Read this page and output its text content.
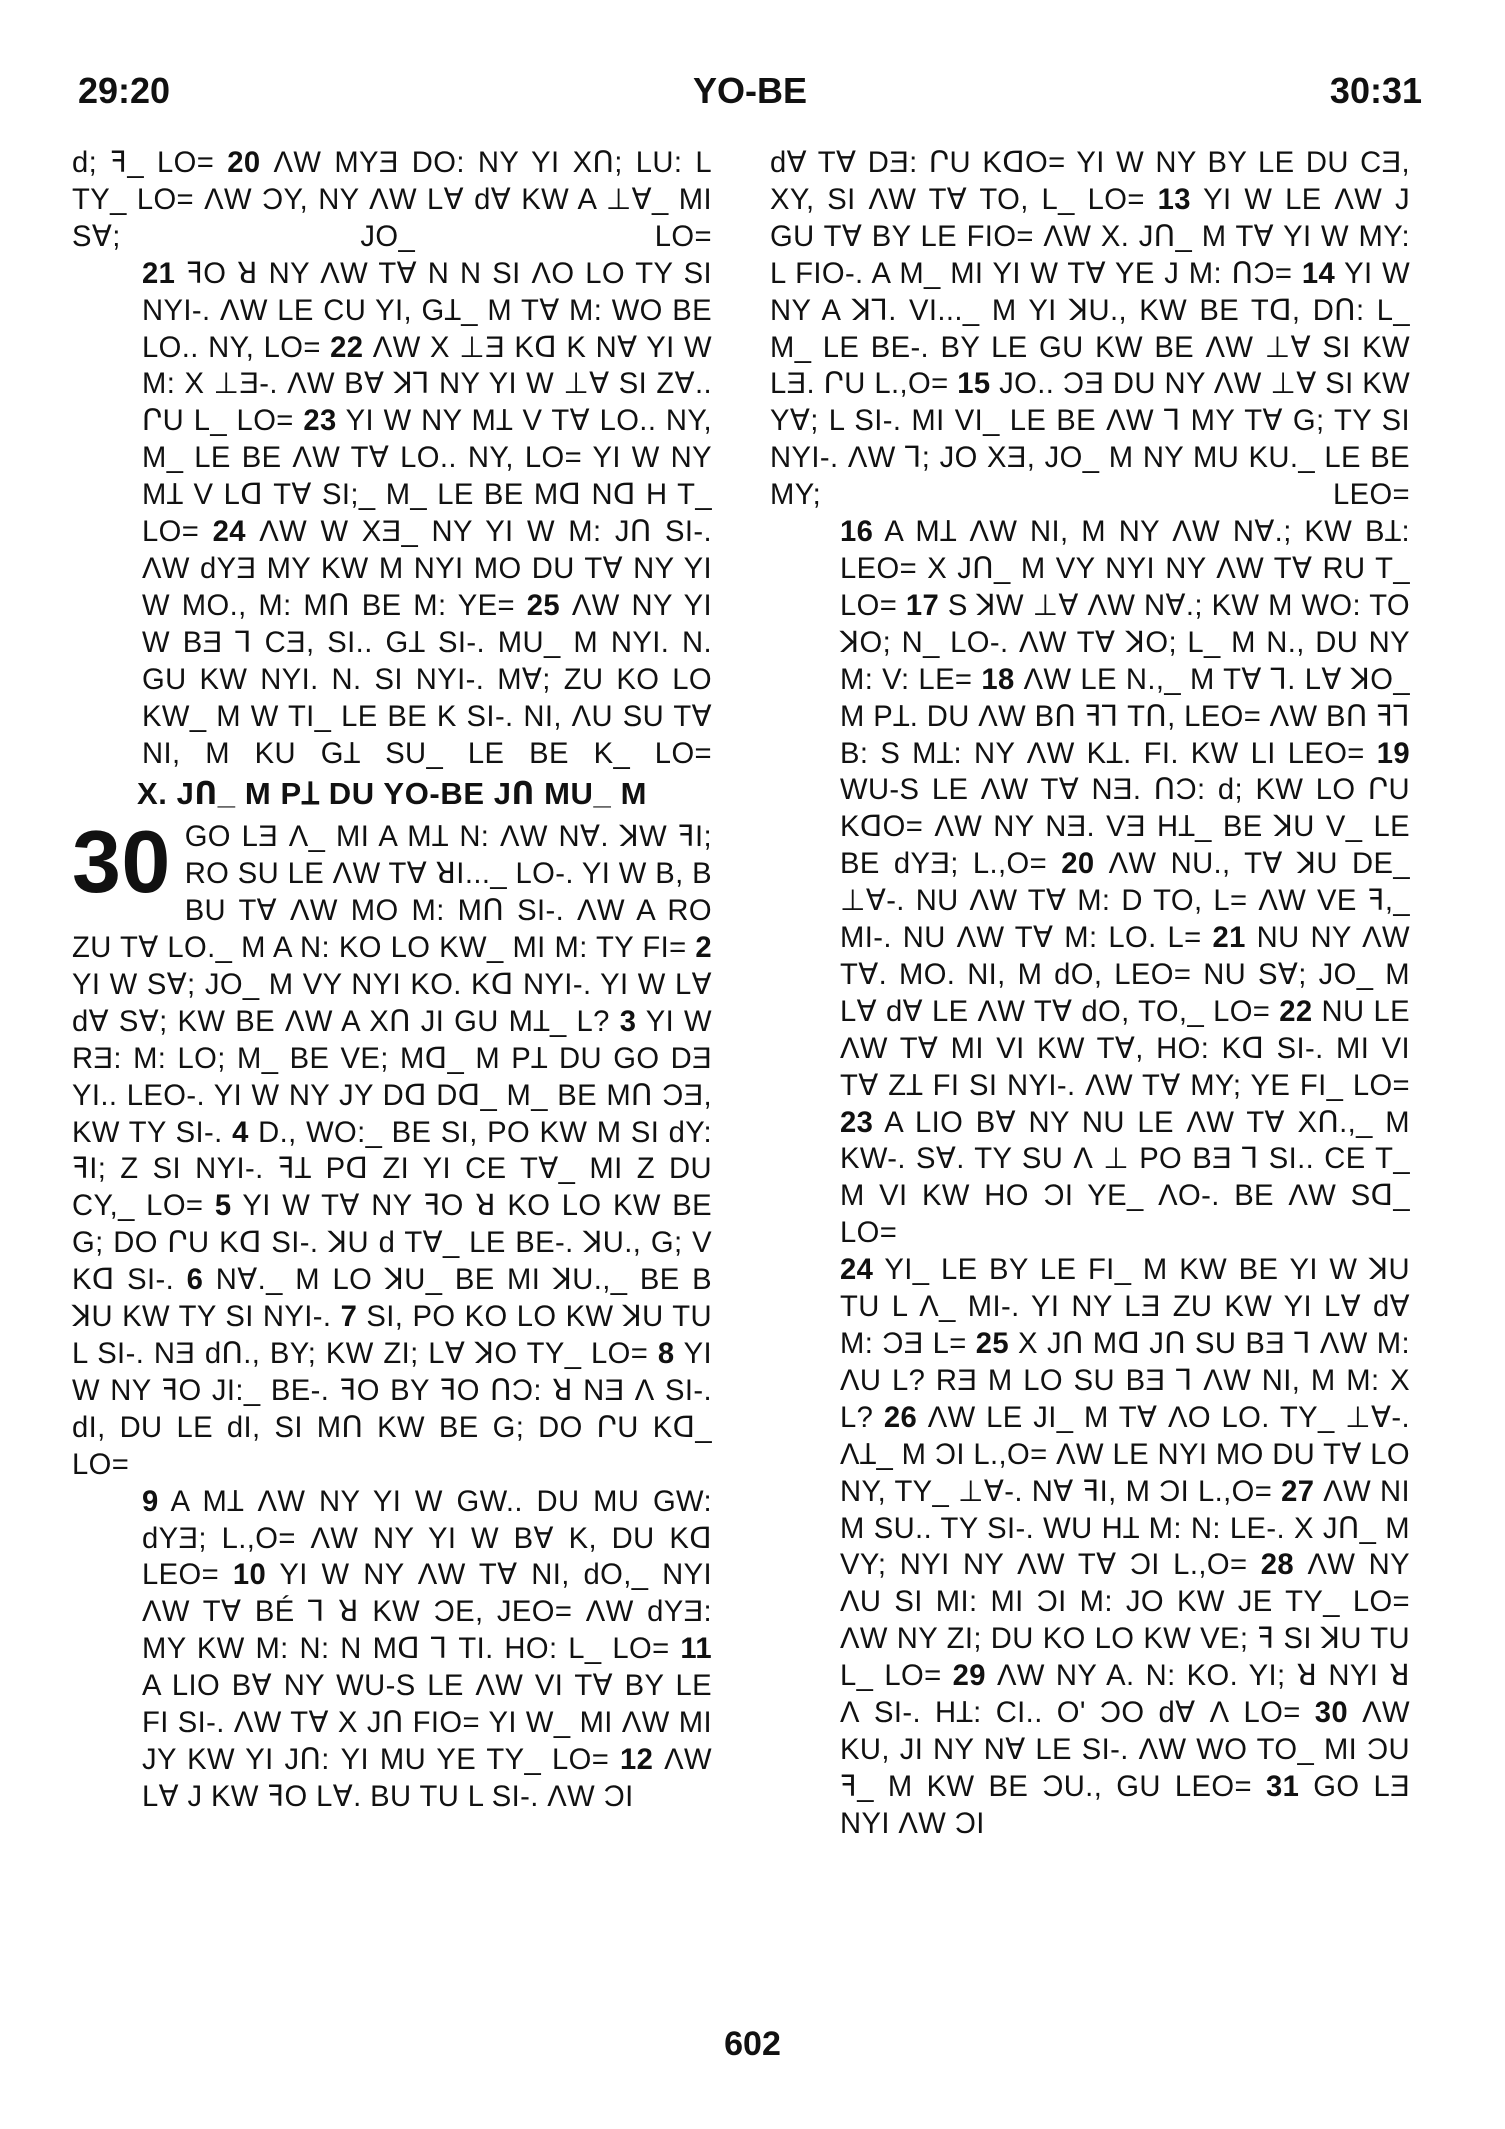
29:20	YO-BE	30:31

d; ꟻ_ LO= 20 ɅW MYƎ DO: NY YI XՈ; LU: L TY_ LO= ɅW ƆY, NY ɅW LⱯ dⱯ KW A ⊥Ɐ_ MI SⱯ; JO_ LO=

21 ꟻO ꓤ NY ɅW TⱯ N N SI ɅO LO TY SI NYI-. ɅW LE CU YI, GꞱ_ M TⱯ M: WO BE LO.. NY, LO= 22 ɅW X ⊥Ǝ Kꓷ K NⱯ YI W M: X ⊥Ǝ-. ɅW BⱯ ꓘꓶ NY YI W ⊥Ɐ SI ZⱯ.. ՐU L_ LO= 23 YI W NY MꞱ V TⱯ LO.. NY, M_ LE BE ɅW TⱯ LO.. NY, LO= YI W NY MꞱ V Lꓷ TⱯ SI;_ M_ LE BE Mꓷ Nꓷ H T_ LO= 24 ɅW W XƎ_ NY YI W M: JՈ SI-. ɅW dYƎ MY KW M NYI MO DU TⱯ NY YI W MO., M: MՈ BE M: YE= 25 ɅW NY YI W BƎ ꓶ CƎ, SI.. GꞱ SI-. MU_ M NYI. N. GU KW NYI. N. SI NYI-. MⱯ; ZU KO LO KW_ M W TI_ LE BE K SI-. NI, ɅU SU TⱯ NI, M KU GꞱ SU_ LE BE K_ LO=

X. JՈ_ M PꞱ DU YO-BE JՈ MU_ M

30 GO LƎ Ʌ_ MI A MꞱ N: ɅW NⱯ. ꓘW ꟻI; RO SU LE ɅW TⱯ ꓤI..._ LO-. YI W B, B BU TⱯ ɅW MO M: MՈ SI-. ɅW A RO ZU TⱯ LO._ M A N: KO LO KW_ MI M: TY FI= 2 YI W SⱯ; JO_ M VY NYI KO. Kꓷ NYI-. YI W LⱯ dⱯ SⱯ; KW BE ɅW A XՈ JI GU MꞱ_ L? 3 YI W RƎ: M: LO; M_ BE VE; Mꓷ_ M PꞱ DU GO DƎ YI.. LEO-. YI W NY JY Dꓷ Dꓷ_ M_ BE MՈ ƆƎ, KW TY SI-. 4 D., WO:_ BE SI, PO KW M SI dY: ꟻI; Z SI NYI-. ꟻꞱ Pꓷ ZI YI CE TⱯ_ MI Z DU CY,_ LO= 5 YI W TⱯ NY ꟻO ꓤ KO LO KW BE G; DO ՐU Kꓷ SI-. ꓘU d TⱯ_ LE BE-. ꓘU., G; V Kꓷ SI-. 6 NⱯ._ M LO ꓘU_ BE MI ꓘU.,_ BE B ꓘU KW TY SI NYI-. 7 SI, PO KO LO KW ꓘU TU L SI-. NƎ dՈ., BY; KW ZI; LⱯ ꓘO TY_ LO= 8 YI W NY ꟻO JI:_ BE-. ꟻO BY ꟻO ՈƆ: ꓤ NƎ Ʌ SI-. dI, DU LE dI, SI MՈ KW BE G; DO ՐU Kꓷ_ LO=

9 A MꞱ ɅW NY YI W GW.. DU MU GW: dYƎ; L.,O= ɅW NY YI W BⱯ K, DU Kꓷ LEO= 10 YI W NY ɅW TⱯ NI, dO,_ NYI ɅW TⱯ BÉ ꓶ ꓤ KW ƆE, JEO= ɅW dYƎ: MY KW M: N: N Mꓷ ꓶ TI. HO: L_ LO= 11 A LIO BⱯ NY WU-S LE ɅW VI TⱯ BY LE FI SI-. ɅW TⱯ X JՈ FIO= YI W_ MI ɅW MI JY KW YI JՈ: YI MU YE TY_ LO= 12 ɅW LⱯ J KW ꟻO LⱯ. BU TU L SI-. ɅW ƆI

dⱯ TⱯ DƎ: ՐU KꓷO= YI W NY BY LE DU CƎ, XY, SI ɅW TⱯ TO, L_ LO= 13 YI W LE ɅW J GU TⱯ BY LE FIO= ɅW X. JՈ_ M TⱯ YI W MY: L FIO-. A M_ MI YI W TⱯ YE J M: ՈƆ= 14 YI W NY A ꓘꓶ. VI..._ M YI ꓘU., KW BE Tꓷ, DՈ: L_ M_ LE BE-. BY LE GU KW BE ɅW ⊥Ɐ SI KW LƎ. ՐU L.,O= 15 JO.. ƆƎ DU NY ɅW ⊥Ɐ SI KW YⱯ; L SI-. MI VI_ LE BE ɅW ꓶ MY TⱯ G; TY SI NYI-. ɅW ꓶ; JO XƎ, JO_ M NY MU KU._ LE BE MY; LEO=

16 A MꞱ ɅW NI, M NY ɅW NⱯ.; KW BꞱ: LEO= X JՈ_ M VY NYI NY ɅW TⱯ RU T_ LO= 17 S ꓘW ⊥Ɐ ɅW NⱯ.; KW M WO: TO ꓘO; N_ LO-. ɅW TⱯ ꓘO; L_ M N., DU NY M: V: LE= 18 ɅW LE N.,_ M TⱯ ꓶ. LⱯ ꓘO_ M PꞱ. DU ɅW BՈ ꟻꓶ TՈ, LEO= ɅW BՈ ꟻꓶ B: S MꞱ: NY ɅW KꞱ. FI. KW LI LEO= 19 WU-S LE ɅW TⱯ NƎ. ՈƆ: d; KW LO ՐU KꓷO= ɅW NY NƎ. VƎ HꞱ_ BE ꓘU V_ LE BE dYƎ; L.,O= 20 ɅW NU., TⱯ ꓘU DE_ ⊥Ɐ-. NU ɅW TⱯ M: D TO, L= ɅW VE ꟻ,_ MI-. NU ɅW TⱯ M: LO. L= 21 NU NY ɅW TⱯ. MO. NI, M dO, LEO= NU SⱯ; JO_ M LⱯ dⱯ LE ɅW TⱯ dO, TO,_ LO= 22 NU LE ɅW TⱯ MI VI KW TⱯ, HO: Kꓷ SI-. MI VI TⱯ ZꞱ FI SI NYI-. ɅW TⱯ MY; YE FI_ LO= 23 A LIO BⱯ NY NU LE ɅW TⱯ XՈ.,_ M KW-. SⱯ. TY SU Ʌ ⊥ PO BƎ ꓶ SI.. CE T_ M VI KW HO ƆI YE_ ɅO-. BE ɅW Sꓷ_ LO=

24 YI_ LE BY LE FI_ M KW BE YI W ꓘU TU L Ʌ_ MI-. YI NY LƎ ZU KW YI LⱯ dⱯ M: ƆƎ L= 25 X JՈ Mꓷ JՈ SU BƎ ꓶ ɅW M: ɅU L? RƎ M LO SU BƎ ꓶ ɅW NI, M M: X L? 26 ɅW LE JI_ M TⱯ ɅO LO. TY_ ⊥Ɐ-. ɅꞱ_ M ƆI L.,O= ɅW LE NYI MO DU TⱯ LO NY, TY_ ⊥Ɐ-. NⱯ ꟻI, M ƆI L.,O= 27 ɅW NI M SU.. TY SI-. WU HꞱ M: N: LE-. X JՈ_ M VY; NYI NY ɅW TⱯ ƆI L.,O= 28 ɅW NY ɅU SI MI: MI ƆI M: JO KW JE TY_ LO= ɅW NY ZI; DU KO LO KW VE; ꟻ SI ꓘU TU L_ LO= 29 ɅW NY A. N: KO. YI; ꓤ NYI ꓤ Ʌ SI-. HꞱ: CI.. O' ƆO dⱯ Ʌ LO= 30 ɅW KU, JI NY NⱯ LE SI-. ɅW WO TO_ MI ƆU ꟻ_ M KW BE ƆU., GU LEO= 31 GO LƎ NYI ɅW ƆI

602
